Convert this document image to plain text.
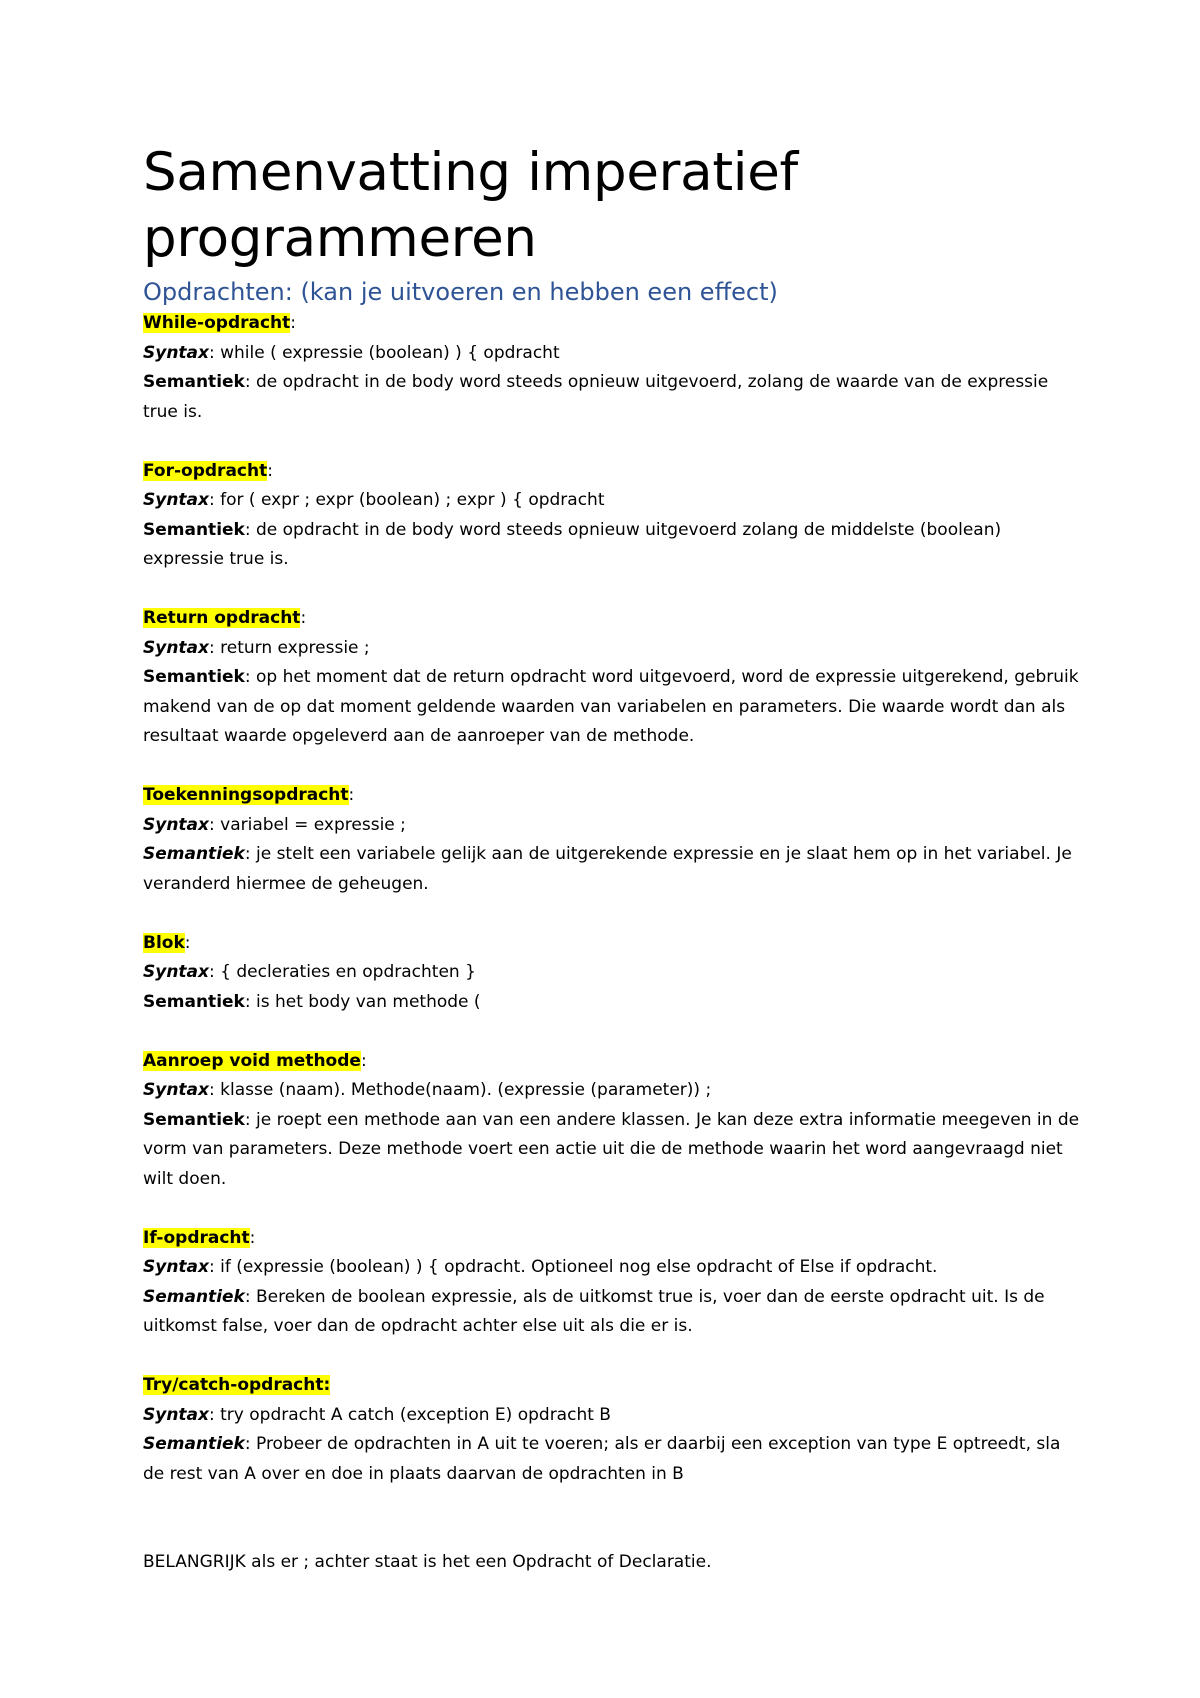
Samenvatting imperatief programmeren
Opdrachten: (kan je uitvoeren en hebben een effect)
While-opdracht:
Syntax: while ( expressie (boolean) ) { opdracht
Semantiek: de opdracht in de body word steeds opnieuw uitgevoerd, zolang de waarde van de expressie true is.
For-opdracht:
Syntax: for ( expr ; expr (boolean) ; expr ) { opdracht
Semantiek: de opdracht in de body word steeds opnieuw uitgevoerd zolang de middelste (boolean) expressie true is.
Return opdracht:
Syntax: return expressie ;
Semantiek: op het moment dat de return opdracht word uitgevoerd, word de expressie uitgerekend, gebruik makend van de op dat moment geldende waarden van variabelen en parameters. Die waarde wordt dan als resultaat waarde opgeleverd aan de aanroeper van de methode.
Toekenningsopdracht:
Syntax: variabel = expressie ;
Semantiek: je stelt een variabele gelijk aan de uitgerekende expressie en je slaat hem op in het variabel. Je veranderd hiermee de geheugen.
Blok:
Syntax: { decleraties en opdrachten }
Semantiek: is het body van methode (
Aanroep void methode:
Syntax: klasse (naam). Methode(naam). (expressie (parameter)) ;
Semantiek: je roept een methode aan van een andere klassen. Je kan deze extra informatie meegeven in de vorm van parameters. Deze methode voert een actie uit die de methode waarin het word aangevraagd niet wilt doen.
If-opdracht:
Syntax: if (expressie (boolean) ) { opdracht. Optioneel nog else opdracht of Else if opdracht.
Semantiek: Bereken de boolean expressie, als de uitkomst true is, voer dan de eerste opdracht uit. Is de uitkomst false, voer dan de opdracht achter else uit als die er is.
Try/catch-opdracht:
Syntax: try opdracht A catch (exception E) opdracht B
Semantiek: Probeer de opdrachten in A uit te voeren; als er daarbij een exception van type E optreedt, sla de rest van A over en doe in plaats daarvan de opdrachten in B
BELANGRIJK als er ; achter staat is het een Opdracht of Declaratie.
